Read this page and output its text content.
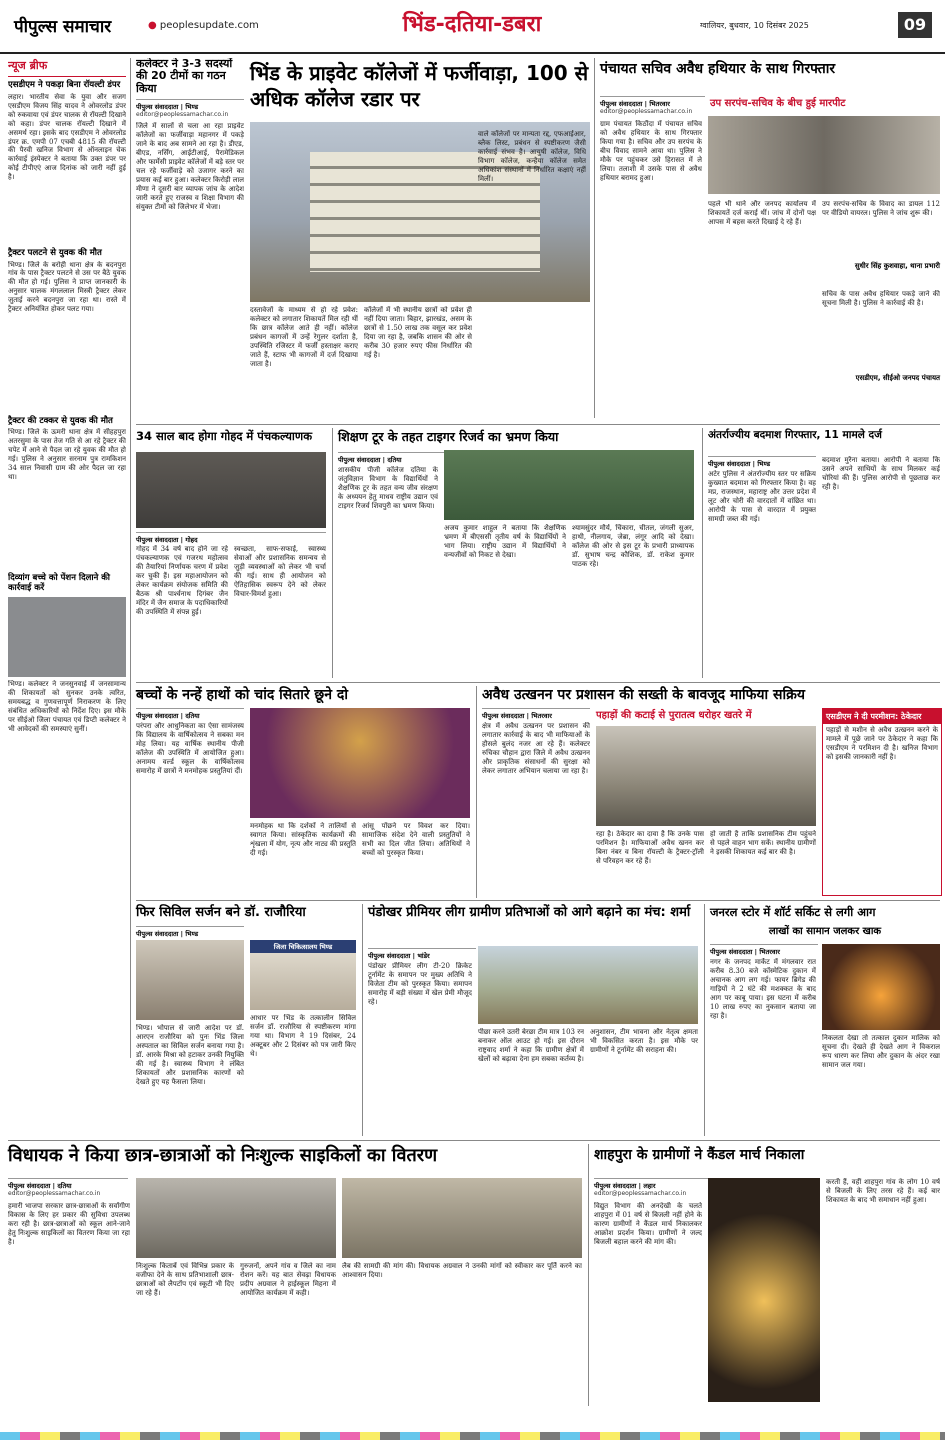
पीपुल्स समाचार	● peoplesupdate.com	भिंड-दतिया-डबरा	ग्वालियर, बुधवार, 10 दिसंबर 2025	09
न्यूज ब्रीफ
एसडीएम ने पकड़ा बिना रॉयल्टी डंपर
लहार। भारतीय सेवा के युवा और सजग एसडीएम विजय सिंह यादव ने ओवरलोड डंपर को रुकवाया एवं डंपर चालक से रॉयल्टी दिखाने को कहा। डंपर चालक रॉयल्टी दिखाने में असमर्थ रहा। इसके बाद एसडीएम ने ओवरलोड डंपर क्र. एमपी 07 एचबी 4815 की रॉयल्टी की पैरवी खनिज विभाग से ऑनलाइन चेक कार्रवाई इंस्पेक्टर ने बताया कि उक्त डंपर पर कोई टीपीएएं आज दिनांक को जारी नहीं हुई है।
ट्रैक्टर पलटने से युवक की मौत
भिण्ड। जिले के बरोही थाना क्षेत्र के बदनपुरा गांव के पास ट्रैक्टर पलटने से उस पर बैठे युवक की मौत हो गई। पुलिस ने प्राप्त जानकारी के अनुसार चालक मंगललाल मिस्त्री ट्रैक्टर लेकर जुताई करने बदनपुरा जा रहा था। रास्ते में ट्रैक्टर अनियंत्रित होकर पलट गया।
ट्रैक्टर की टक्कर से युवक की मौत
भिण्ड। जिले के ऊमरी थाना क्षेत्र में सीहहपुरा अतरसुमा के पास तेज गति से आ रहे ट्रैक्टर की चपेट में आने से पैदल जा रहे युवक की मौत हो गई। पुलिस ने अनुसार सरनाम पुत्र रामकिशन 34 साल निवासी ग्राम की ओर पैदल जा रहा था।
दिव्यांग बच्चे को पेंशन दिलाने की कार्रवाई करें
भिण्ड। कलेक्टर ने जनसुनवाई में जनसामान्य की शिकायतों को सुनकर उनके त्वरित, समयबद्ध व गुणवत्तापूर्ण निराकरण के लिए संबंधित अधिकारियों को निर्देश दिए। इस मौके पर सीईओ जिला पंचायत एवं डिप्टी कलेक्टर ने भी आवेदकों की समस्याएं सुनीं।
कलेक्टर ने 3-3 सदस्यों की 20 टीमों का गठन किया
पीपुल्स संवाददाता | भिण्ड
editor@peoplessamachar.co.in
जिले में सालों से चला आ रहा प्राइवेट कॉलेजों का फर्जीवाड़ा महानगर में पकड़े जाने के बाद अब सामने आ रहा है। डीएड, बीएड, नर्सिंग, आईटीआई, पैरामेडिकल और फार्मेसी प्राइवेट कॉलेजों में बड़े स्तर पर चल रहे फर्जीवाड़े को उजागर करने का प्रयास कई बार हुआ। कलेक्टर किरोड़ी लाल मीणा ने दूसरी बार व्यापक जांच के आदेश जारी करते हुए राजस्व व शिक्षा विभाग की संयुक्त टीमों को जिलेभर में भेजा।
भिंड के प्राइवेट कॉलेजों में फर्जीवाड़ा, 100 से अधिक कॉलेज रडार पर
दस्तावेजों के माध्यम से हो रहे प्रवेश: कलेक्टर को लगातार शिकायतें मिल रही थीं कि छात्र कॉलेज आते ही नहीं। कॉलेज प्रबंधन कागजों में उन्हें रेगुलर दर्शाता है, उपस्थिति रजिस्टर में फर्जी हस्ताक्षर कराए जाते हैं, स्टाफ भी कागजों में दर्ज दिखाया जाता है।
कॉलेजों में भी स्थानीय छात्रों को प्रवेश ही नहीं दिया जाता। बिहार, झारखंड, असम के छात्रों से 1.50 लाख तक वसूल कर प्रवेश दिया जा रहा है, जबकि शासन की ओर से करीब 30 हजार रुपए फीस निर्धारित की गई है।
वाले कॉलेजों पर मान्यता रद्द, एफआईआर, ब्लैक लिस्ट, प्रबंधन से स्पष्टीकरण जैसी कार्रवाई संभव है। आयुषी कॉलेज, विधि विभाग कॉलेज, कन्हैया कॉलेज समेत अधिकांश संस्थानों में निर्धारित कक्षाएं नहीं मिलीं।
पंचायत सचिव अवैध हथियार के साथ गिरफ्तार
पीपुल्स संवाददाता | भितरवार
editor@peoplessamachar.co.in
उप सरपंच-सचिव के बीच हुई मारपीट
ग्राम पंचायत किठौंदा में पंचायत सचिव को अवैध हथियार के साथ गिरफ्तार किया गया है। सचिव और उप सरपंच के बीच विवाद सामने आया था। पुलिस ने मौके पर पहुंचकर उसे हिरासत में ले लिया। तलाशी में उसके पास से अवैध हथियार बरामद हुआ।
पहले भी थाने और जनपद कार्यालय में शिकायतें दर्ज कराई थीं। जांच में दोनों पक्ष आपस में बहस करते दिखाई दे रहे हैं।
उप सरपंच-सचिव के विवाद का डायल 112 पर वीडियो वायरल। पुलिस ने जांच शुरू की।
सुधीर सिंह कुशवाहा, थाना प्रभारी
सचिव के पास अवैध हथियार पकड़े जाने की सूचना मिली है। पुलिस ने कार्रवाई की है।
एसडीएम, सीईओ जनपद पंचायत
34 साल बाद होगा गोहद में पंचकल्याणक
पीपुल्स संवाददाता | गोहद
गोहद में 34 वर्ष बाद होने जा रहे पंचकल्याणक एवं गजरथ महोत्सव की तैयारियां निर्णायक चरण में प्रवेश कर चुकी हैं। इस महाआयोजन को लेकर कार्यक्रम संयोजक समिति की बैठक श्री पार्श्वनाथ दिगंबर जैन मंदिर में जैन समाज के पदाधिकारियों की उपस्थिति में संपन्न हुई।
स्वच्छता, साफ-सफाई, स्वास्थ्य सेवाओं और प्रशासनिक समन्वय से जुड़ी व्यवस्थाओं को लेकर भी चर्चा की गई। साथ ही आयोजन को ऐतिहासिक स्वरूप देने को लेकर विचार-विमर्श हुआ।
शिक्षण टूर के तहत टाइगर रिजर्व का भ्रमण किया
पीपुल्स संवाददाता | दतिया
शासकीय पीजी कॉलेज दतिया के जंतुविज्ञान विभाग के विद्यार्थियों ने शैक्षणिक टूर के तहत वन्य जीव संरक्षण के अध्ययन हेतु माधव राष्ट्रीय उद्यान एवं टाइगर रिजर्व शिवपुरी का भ्रमण किया।
अजय कुमार शाहुल ने बताया कि शैक्षणिक भ्रमण में बीएससी तृतीय वर्ष के विद्यार्थियों ने भाग लिया। राष्ट्रीय उद्यान में विद्यार्थियों ने वन्यजीवों को निकट से देखा।
श्यामसुंदर मौर्य, चिंकारा, चीतल, जंगली सुअर, हाथी, नीलगाय, जेब्रा, लंगूर आदि को देखा। कॉलेज की ओर से इस टूर के प्रभारी प्राध्यापक डॉ. सुभाष चन्द्र कौशिक, डॉ. राकेश कुमार पाठक रहे।
अंतर्राज्यीय बदमाश गिरफ्तार, 11 मामले दर्ज
पीपुल्स संवाददाता | भिण्ड
अटेर पुलिस ने अंतर्राज्यीय स्तर पर सक्रिय कुख्यात बदमाश को गिरफ्तार किया है। वह मप्र, राजस्थान, महाराष्ट्र और उत्तर प्रदेश में लूट और चोरी की वारदातों में वांछित था। आरोपी के पास से वारदात में प्रयुक्त सामग्री जब्त की गई।
बदमाश मुरैना बताया। आरोपी ने बताया कि उसने अपने साथियों के साथ मिलकर कई चोरियां की हैं। पुलिस आरोपी से पूछताछ कर रही है।
बच्चों के नन्हें हाथों को चांद सितारे छूने दो
पीपुल्स संवाददाता | दतिया
परंपरा और आधुनिकता का ऐसा सामंजस्य कि विद्यालय के वार्षिकोत्सव ने सबका मन मोह लिया। यह वार्षिक स्थानीय पीजी कॉलेज की उपस्थिति में आयोजित हुआ। अनामय वर्ल्ड स्कूल के वार्षिकोत्सव समारोह में छात्रों ने मनमोहक प्रस्तुतियां दीं।
मनमोहक था कि दर्शकों ने तालियों से स्वागत किया। सांस्कृतिक कार्यक्रमों की शृंखला में योग, नृत्य और नाट्य की प्रस्तुति दी गई।
आंसू पोंछने पर विवश कर दिया। सामाजिक संदेश देने वाली प्रस्तुतियों ने सभी का दिल जीत लिया। अतिथियों ने बच्चों को पुरस्कृत किया।
अवैध उत्खनन पर प्रशासन की सख्ती के बावजूद माफिया सक्रिय
पीपुल्स संवाददाता | भितरवार	पहाड़ों की कटाई से पुरातत्व धरोहर खतरे में
क्षेत्र में अवैध उत्खनन पर प्रशासन की लगातार कार्रवाई के बाद भी माफियाओं के हौसले बुलंद नजर आ रहे हैं। कलेक्टर रुचिका चौहान द्वारा जिले में अवैध उत्खनन और प्राकृतिक संसाधनों की सुरक्षा को लेकर लगातार अभियान चलाया जा रहा है।
रहा है। ठेकेदार का दावा है कि उनके पास परमिशन है। माफियाओं अवैध खनन कर बिना नंबर व बिना रॉयल्टी के ट्रैक्टर-ट्रॉली से परिवहन कर रहे हैं।
हो जाती है ताकि प्रशासनिक टीम पहुंचने से पहले वाहन भाग सकें। स्थानीय ग्रामीणों ने इसकी शिकायत कई बार की है।
एसडीएम ने दी परमीशन: ठेकेदार
पहाड़ों से मशीन से अवैध उत्खनन करने के मामले में पूछे जाने पर ठेकेदार ने कहा कि एसडीएम ने परमिशन दी है। खनिज विभाग को इसकी जानकारी नहीं है।
फिर सिविल सर्जन बने डॉ. राजौरिया
पीपुल्स संवाददाता | भिण्ड
जिला चिकित्सालय भिण्ड
भिण्ड। भोपाल से जारी आदेश पर डॉ. आरएन राजौरिया को पुनः भिंड जिला अस्पताल का सिविल सर्जन बनाया गया है। डॉ. आरके मिश्रा को हटाकर उनकी नियुक्ति की गई है। स्वास्थ्य विभाग ने लंबित शिकायतों और प्रशासनिक कारणों को देखते हुए यह फैसला लिया।
आधार पर भिंड के तत्कालीन सिविल सर्जन डॉ. राजौरिया से स्पष्टीकरण मांगा गया था। विभाग ने 19 दिसंबर, 24 अक्टूबर और 2 दिसंबर को पत्र जारी किए थे।
पंडोखर प्रीमियर लीग ग्रामीण प्रतिभाओं को आगे बढ़ाने का मंच: शर्मा
पीपुल्स संवाददाता | भांडेर
पंडोखर प्रीमियर लीग टी-20 क्रिकेट टूर्नामेंट के समापन पर मुख्य अतिथि ने विजेता टीम को पुरस्कृत किया। समापन समारोह में बड़ी संख्या में खेल प्रेमी मौजूद रहे।
पीछा करने उतरी बेरछा टीम मात्र 103 रन बनाकर ऑल आउट हो गई। इस दौरान राष्ट्रवाद शर्मा ने कहा कि ग्रामीण क्षेत्रों में खेलों को बढ़ावा देना हम सबका कर्तव्य है।
अनुशासन, टीम भावना और नेतृत्व क्षमता भी विकसित करता है। इस मौके पर ग्रामीणों ने टूर्नामेंट की सराहना की।
जनरल स्टोर में शॉर्ट सर्किट से लगी आग
लाखों का सामान जलकर खाक
पीपुल्स संवाददाता | भितरवार
नगर के जनपद मार्केट में मंगलवार रात करीब 8.30 बजे कॉस्मेटिक दुकान में अचानक आग लग गई। फायर ब्रिगेड की गाड़ियों ने 2 घंटे की मशक्कत के बाद आग पर काबू पाया। इस घटना में करीब 10 लाख रुपए का नुकसान बताया जा रहा है।
निकलता देखा तो तत्काल दुकान मालिक को सूचना दी। देखते ही देखते आग ने विकराल रूप धारण कर लिया और दुकान के अंदर रखा सामान जल गया।
विधायक ने किया छात्र-छात्राओं को निःशुल्क साइकिलों का वितरण
पीपुल्स संवाददाता | दतिया
editor@peoplessamachar.co.in
हमारी भाजपा सरकार छात्र-छात्राओं के सर्वांगीण विकास के लिए हर प्रकार की सुविधा उपलब्ध करा रही है। छात्र-छात्राओं को स्कूल आने-जाने हेतु निःशुल्क साइकिलों का वितरण किया जा रहा है।
निःशुल्क किताबें एवं विभिन्न प्रकार के वजीफा देने के साथ प्रतिभाशाली छात्र-छात्राओं को लैपटॉप एवं स्कूटी भी दिए जा रहे हैं।
गुरुजनों, अपने गांव व जिले का नाम रोशन करें। यह बात सेवढ़ा विधायक प्रदीप अग्रवाल ने हाईस्कूल मिहना में आयोजित कार्यक्रम में कही।
लैब की सामग्री की मांग की। विधायक अग्रवाल ने उनकी मांगों को स्वीकार कर पूर्ति करने का आश्वासन दिया।
शाहपुरा के ग्रामीणों ने कैंडल मार्च निकाला
पीपुल्स संवाददाता | लहार
editor@peoplessamachar.co.in
विद्युत विभाग की अनदेखी के चलते शाहपुरा में 01 वर्ष से बिजली नहीं होने के कारण ग्रामीणों ने कैंडल मार्च निकालकर आक्रोश प्रदर्शन किया। ग्रामीणों ने जल्द बिजली बहाल करने की मांग की।
करती हैं, वहीं शाहपुरा गांव के लोग 10 वर्ष से बिजली के लिए तरस रहे हैं। कई बार शिकायत के बाद भी समाधान नहीं हुआ।
